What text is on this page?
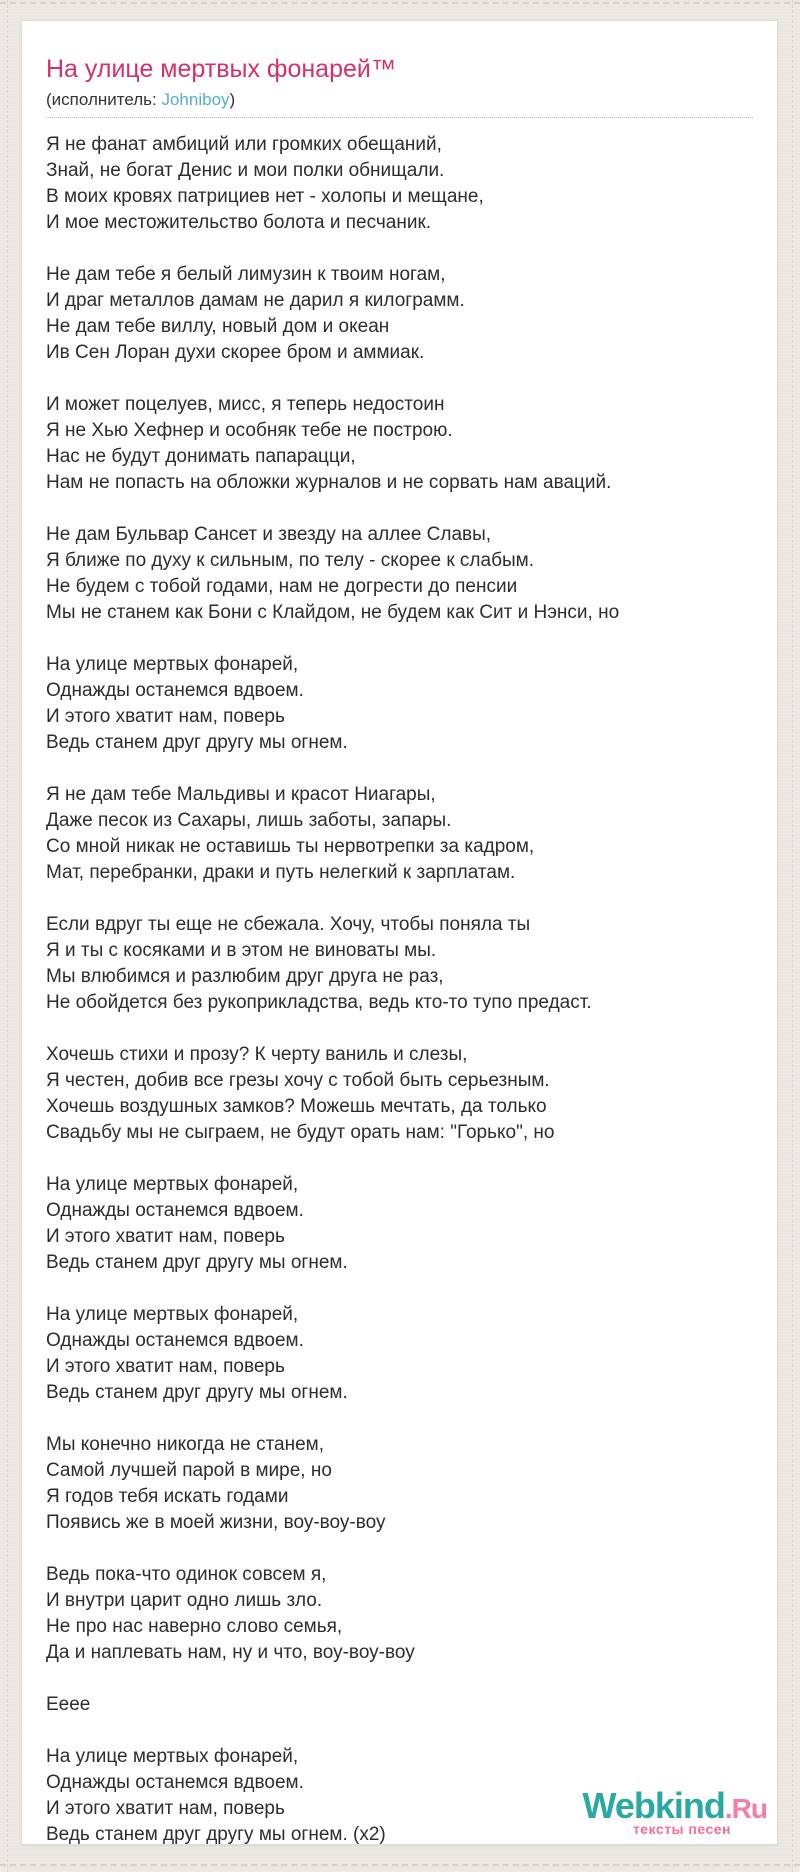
На улице мертвых фонарей™
(исполнитель: Johniboy)
Я не фанат амбиций или громких обещаний,
Знай, не богат Денис и мои полки обнищали.
В моих кровях патрициев нет - холопы и мещане,
И мое местожительство болота и песчаник.
Не дам тебе я белый лимузин к твоим ногам,
И драг металлов дамам не дарил я килограмм.
Не дам тебе виллу, новый дом и океан
Ив Сен Лоран духи скорее бром и аммиак.
И может поцелуев, мисс, я теперь недостоин
Я не Хью Хефнер и особняк тебе не построю.
Нас не будут донимать папарацци,
Нам не попасть на обложки журналов и не сорвать нам аваций.
Не дам Бульвар Сансет и звезду на аллее Славы,
Я ближе по духу к сильным, по телу - скорее к слабым.
Не будем с тобой годами, нам не догрести до пенсии
Мы не станем как Бони с Клайдом, не будем как Сит и Нэнси, но
На улице мертвых фонарей,
Однажды останемся вдвоем.
И этого хватит нам, поверь
Ведь станем друг другу мы огнем.
Я не дам тебе Мальдивы и красот Ниагары,
Даже песок из Сахары, лишь заботы, запары.
Со мной никак не оставишь ты нервотрепки за кадром,
Мат, перебранки, драки и путь нелегкий к зарплатам.
Если вдруг ты еще не сбежала. Хочу, чтобы поняла ты
Я и ты с косяками и в этом не виноваты мы.
Мы влюбимся и разлюбим друг друга не раз,
Не обойдется без рукоприкладства, ведь кто-то тупо предаст.
Хочешь стихи и прозу? К черту ваниль и слезы,
Я честен, добив все грезы хочу с тобой быть серьезным.
Хочешь воздушных замков? Можешь мечтать, да только
Свадьбу мы не сыграем, не будут орать нам: "Горько", но
На улице мертвых фонарей,
Однажды останемся вдвоем.
И этого хватит нам, поверь
Ведь станем друг другу мы огнем.
На улице мертвых фонарей,
Однажды останемся вдвоем.
И этого хватит нам, поверь
Ведь станем друг другу мы огнем.
Мы конечно никогда не станем,
Самой лучшей парой в мире, но
Я годов тебя искать годами
Появись же в моей жизни, воу-воу-воу
Ведь пока-что одинок совсем я,
И внутри царит одно лишь зло.
Не про нас наверно слово семья,
Да и наплевать нам, ну и что, воу-воу-воу
Ееее
На улице мертвых фонарей,
Однажды останемся вдвоем.
И этого хватит нам, поверь
Ведь станем друг другу мы огнем. (х2)
Webkind.Ru
тексты песен
